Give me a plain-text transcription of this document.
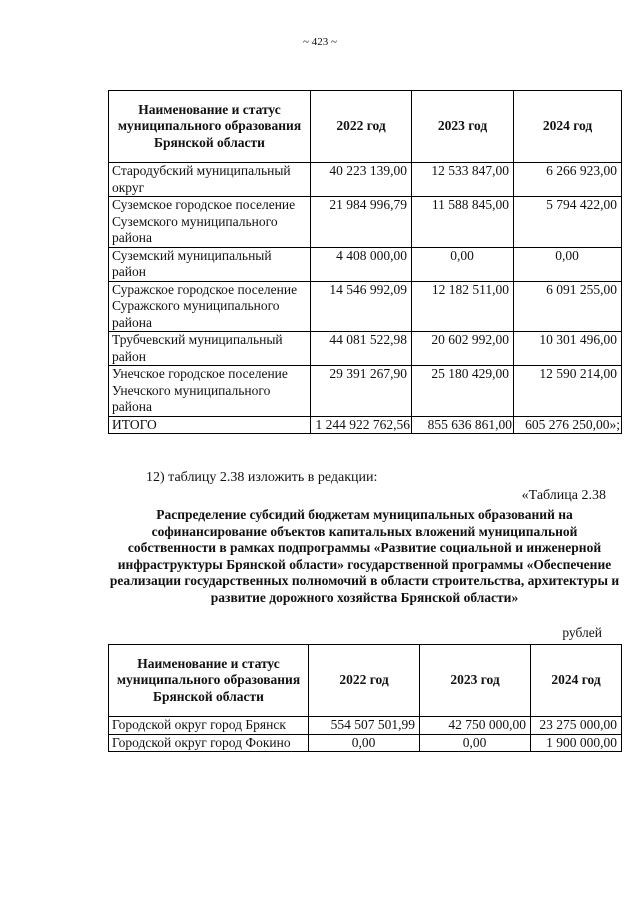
~ 423 ~
Наименование и статус муниципального образования Брянской области	2022 год	2023 год	2024 год
Стародубский муниципальный округ	40 223 139,00	12 533 847,00	6 266 923,00
Суземское городское поселение Суземского муниципального района	21 984 996,79	11 588 845,00	5 794 422,00
Суземский муниципальный район	4 408 000,00	0,00	0,00
Суражское городское поселение Суражского муниципального района	14 546 992,09	12 182 511,00	6 091 255,00
Трубчевский муниципальный район	44 081 522,98	20 602 992,00	10 301 496,00
Унечское городское поселение Унечского муниципального района	29 391 267,90	25 180 429,00	12 590 214,00
ИТОГО	1 244 922 762,56	855 636 861,00	605 276 250,00»;
12) таблицу 2.38 изложить в редакции:
«Таблица 2.38
Распределение субсидий бюджетам муниципальных образований на софинансирование объектов капитальных вложений муниципальной собственности в рамках подпрограммы «Развитие социальной и инженерной инфраструктуры Брянской области» государственной программы «Обеспечение реализации государственных полномочий в области строительства, архитектуры и развитие дорожного хозяйства Брянской области»
рублей
Наименование и статус муниципального образования Брянской области	2022 год	2023 год	2024 год
Городской округ город Брянск	554 507 501,99	42 750 000,00	23 275 000,00
Городской округ город Фокино	0,00	0,00	1 900 000,00
